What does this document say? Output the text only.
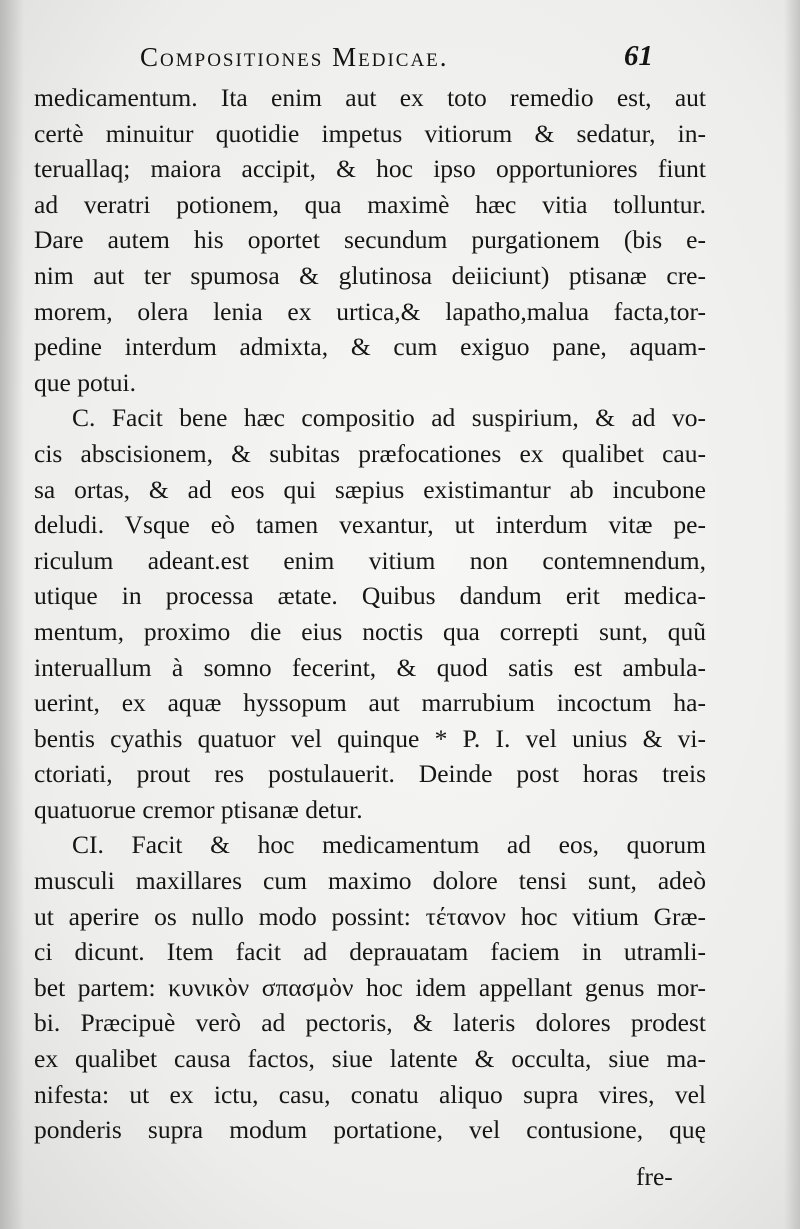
Compositiones Medicae.	61
medicamentum. Ita enim aut ex toto remedio est, aut
certè minuitur quotidie impetus vitiorum & sedatur, in-
teruallaq; maiora accipit, & hoc ipso opportuniores fiunt
ad veratri potionem, qua maximè hæc vitia tolluntur.
Dare autem his oportet secundum purgationem (bis e-
nim aut ter spumosa & glutinosa deiiciunt) ptisanæ cre-
morem, olera lenia ex urtica,& lapatho,malua facta,tor-
pedine interdum admixta, & cum exiguo pane, aquam-
que potui.
C. Facit bene hæc compositio ad suspirium, & ad vo-
cis abscisionem, & subitas præfocationes ex qualibet cau-
sa ortas, & ad eos qui sæpius existimantur ab incubone
deludi. Vsque eò tamen vexantur, ut interdum vitæ pe-
riculum adeant.est enim vitium non contemnendum,
utique in processa ætate. Quibus dandum erit medica-
mentum, proximo die eius noctis qua correpti sunt, quũ
interuallum à somno fecerint, & quod satis est ambula-
uerint, ex aquæ hyssopum aut marrubium incoctum ha-
bentis cyathis quatuor vel quinque * P. I. vel unius & vi-
ctoriati, prout res postulauerit. Deinde post horas treis
quatuorue cremor ptisanæ detur.
CI. Facit & hoc medicamentum ad eos, quorum
musculi maxillares cum maximo dolore tensi sunt, adeò
ut aperire os nullo modo possint: τέτανον hoc vitium Græ-
ci dicunt. Item facit ad deprauatam faciem in utramli-
bet partem: κυνικὸν σπασμὸν hoc idem appellant genus mor-
bi. Præcipuè verò ad pectoris, & lateris dolores prodest
ex qualibet causa factos, siue latente & occulta, siue ma-
nifesta: ut ex ictu, casu, conatu aliquo supra vires, vel
ponderis supra modum portatione, vel contusione, quę
fre-
